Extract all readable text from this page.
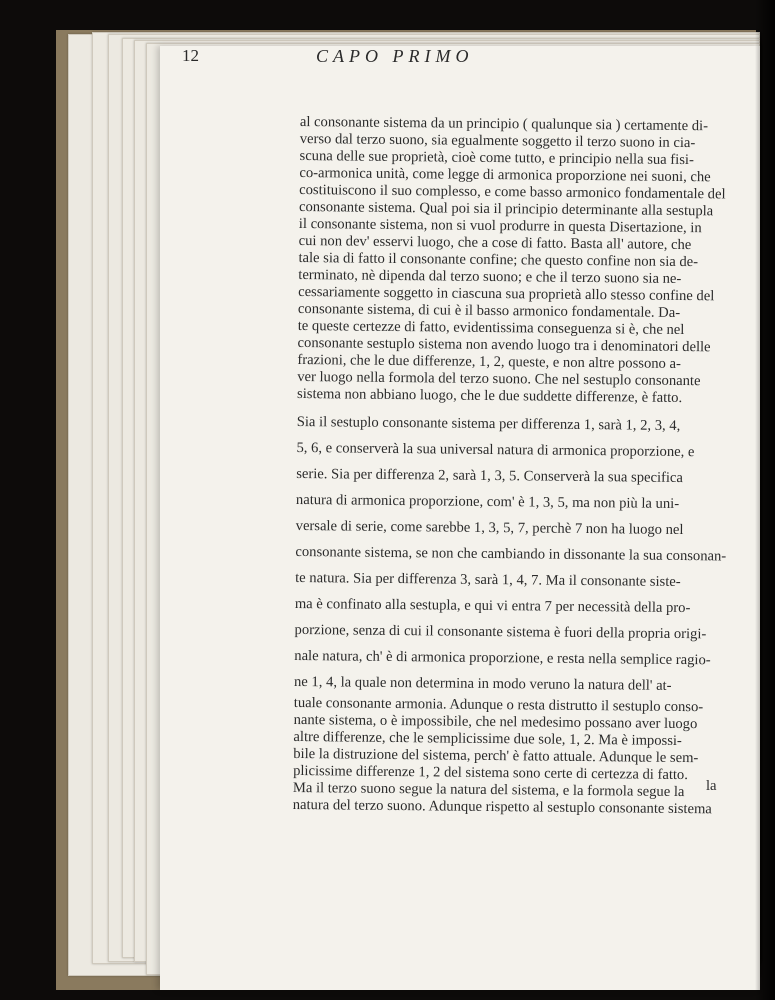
12	CAPO PRIMO
al consonante sistema da un principio ( qualunque sia ) certamente di-
verso dal terzo suono, sia egualmente soggetto il terzo suono in cia-
scuna delle sue proprietà, cioè come tutto, e principio nella sua fisi-
co-armonica unità, come legge di armonica proporzione nei suoni, che
costituiscono il suo complesso, e come basso armonico fondamentale del
consonante sistema. Qual poi sia il principio determinante alla sestupla
il consonante sistema, non si vuol produrre in questa Disertazione, in
cui non dev' esservi luogo, che a cose di fatto. Basta all' autore, che
tale sia di fatto il consonante confine; che questo confine non sia de-
terminato, nè dipenda dal terzo suono; e che il terzo suono sia ne-
cessariamente soggetto in ciascuna sua proprietà allo stesso confine del
consonante sistema, di cui è il basso armonico fondamentale. Da-
te queste certezze di fatto, evidentissima conseguenza si è, che nel
consonante sestuplo sistema non avendo luogo tra i denominatori delle
frazioni, che le due differenze, 1, 2, queste, e non altre possono a-
ver luogo nella formola del terzo suono. Che nel sestuplo consonante
sistema non abbiano luogo, che le due suddette differenze, è fatto.
Sia il sestuplo consonante sistema per differenza 1, sarà 1, 2, 3, 4,
5, 6, e conserverà la sua universal natura di armonica proporzione, e
serie. Sia per differenza 2, sarà 1, 3, 5. Conserverà la sua specifica
natura di armonica proporzione, com' è 1, 3, 5, ma non più la uni-
versale di serie, come sarebbe 1, 3, 5, 7, perchè 7 non ha luogo nel
consonante sistema, se non che cambiando in dissonante la sua consonan-
te natura. Sia per differenza 3, sarà 1, 4, 7. Ma il consonante siste-
ma è confinato alla sestupla, e qui vi entra 7 per necessità della pro-
porzione, senza di cui il consonante sistema è fuori della propria origi-
nale natura, ch' è di armonica proporzione, e resta nella semplice ragio-
ne 1, 4, la quale non determina in modo veruno la natura dell' at-
tuale consonante armonia. Adunque o resta distrutto il sestuplo conso-
nante sistema, o è impossibile, che nel medesimo possano aver luogo
altre differenze, che le semplicissime due sole, 1, 2. Ma è impossi-
bile la distruzione del sistema, perch' è fatto attuale. Adunque le sem-
plicissime differenze 1, 2 del sistema sono certe di certezza di fatto.
Ma il terzo suono segue la natura del sistema, e la formola segue la
natura del terzo suono. Adunque rispetto al sestuplo consonante sistema
la
